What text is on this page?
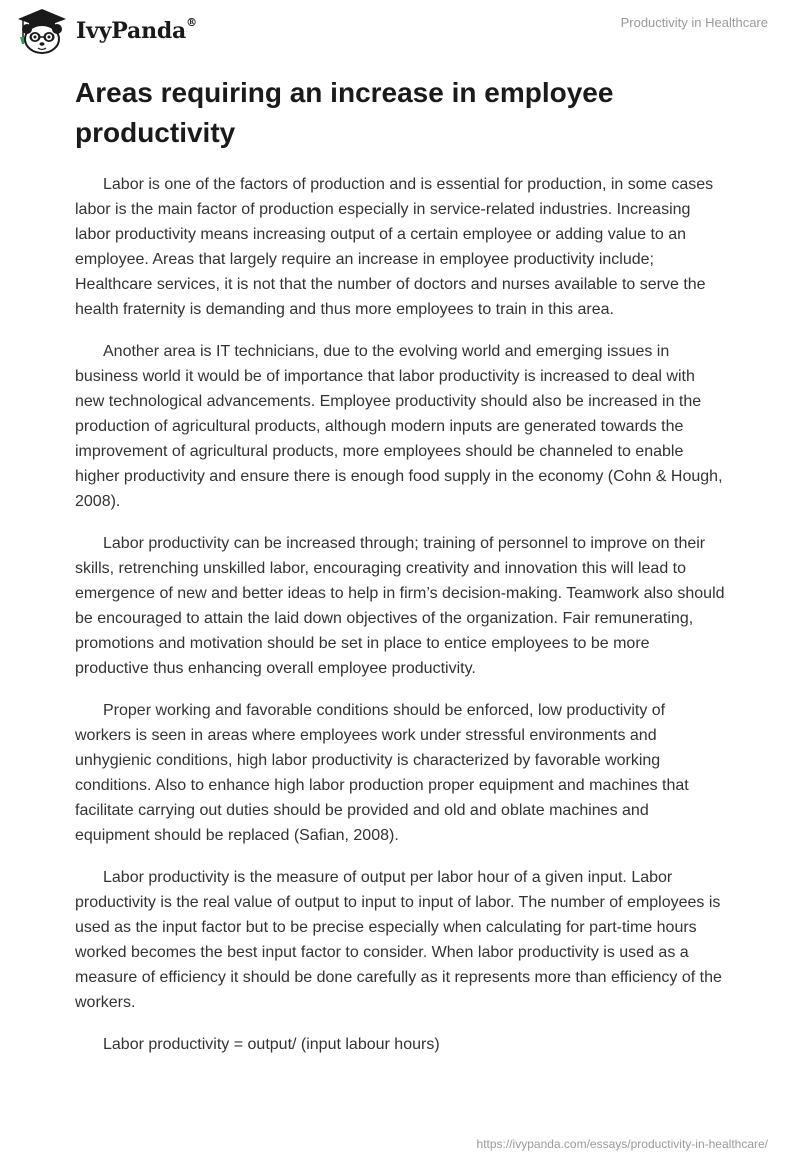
IvyPanda®	Productivity in Healthcare
Areas requiring an increase in employee productivity

Labor is one of the factors of production and is essential for production, in some cases labor is the main factor of production especially in service-related industries. Increasing labor productivity means increasing output of a certain employee or adding value to an employee. Areas that largely require an increase in employee productivity include; Healthcare services, it is not that the number of doctors and nurses available to serve the health fraternity is demanding and thus more employees to train in this area.

Another area is IT technicians, due to the evolving world and emerging issues in business world it would be of importance that labor productivity is increased to deal with new technological advancements. Employee productivity should also be increased in the production of agricultural products, although modern inputs are generated towards the improvement of agricultural products, more employees should be channeled to enable higher productivity and ensure there is enough food supply in the economy (Cohn & Hough, 2008).

Labor productivity can be increased through; training of personnel to improve on their skills, retrenching unskilled labor, encouraging creativity and innovation this will lead to emergence of new and better ideas to help in firm’s decision-making. Teamwork also should be encouraged to attain the laid down objectives of the organization. Fair remunerating, promotions and motivation should be set in place to entice employees to be more productive thus enhancing overall employee productivity.

Proper working and favorable conditions should be enforced, low productivity of workers is seen in areas where employees work under stressful environments and unhygienic conditions, high labor productivity is characterized by favorable working conditions. Also to enhance high labor production proper equipment and machines that facilitate carrying out duties should be provided and old and oblate machines and equipment should be replaced (Safian, 2008).

Labor productivity is the measure of output per labor hour of a given input. Labor productivity is the real value of output to input to input of labor. The number of employees is used as the input factor but to be precise especially when calculating for part-time hours worked becomes the best input factor to consider. When labor productivity is used as a measure of efficiency it should be done carefully as it represents more than efficiency of the workers.

Labor productivity = output/ (input labour hours)

https://ivypanda.com/essays/productivity-in-healthcare/
